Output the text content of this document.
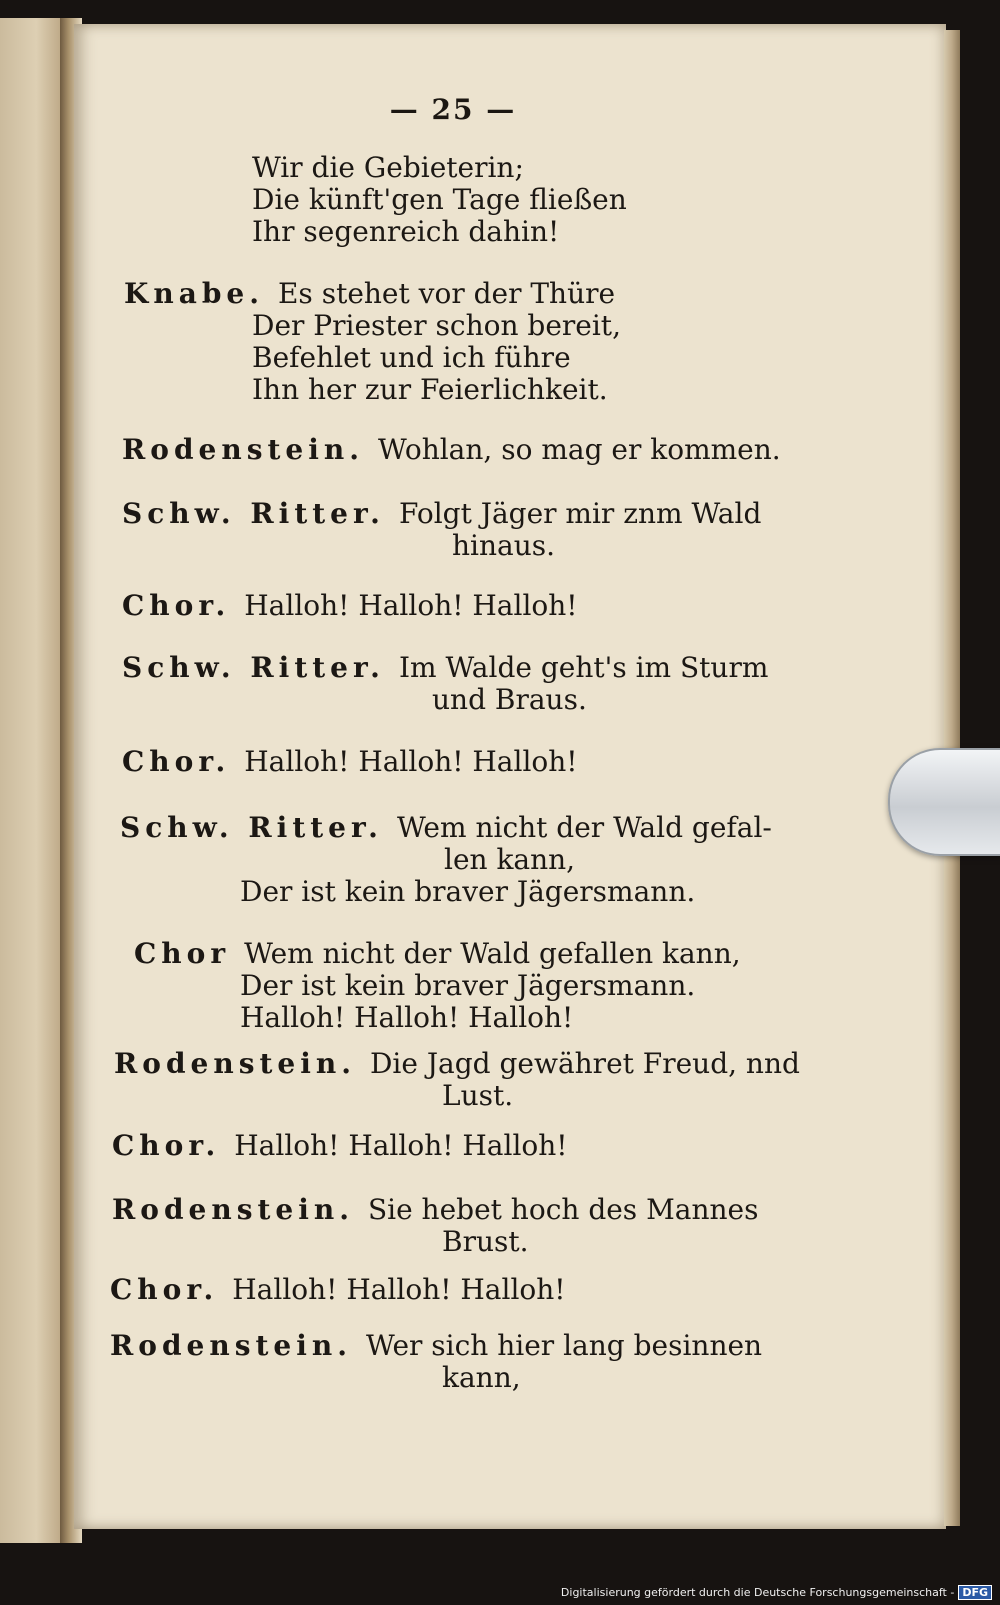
— 25 —
Wir die Gebieterin;
Die künft'gen Tage fließen
Ihr segenreich dahin!
Knabe. Es stehet vor der Thüre
Der Priester schon bereit,
Befehlet und ich führe
Ihn her zur Feierlichkeit.
Rodenstein. Wohlan, so mag er kommen.
Schw. Ritter. Folgt Jäger mir znm Wald
hinaus.
Chor. Halloh! Halloh! Halloh!
Schw. Ritter. Im Walde geht's im Sturm
und Braus.
Chor. Halloh! Halloh! Halloh!
Schw. Ritter. Wem nicht der Wald gefal-
len kann,
Der ist kein braver Jägersmann.
Chor Wem nicht der Wald gefallen kann,
Der ist kein braver Jägersmann.
Halloh! Halloh! Halloh!
Rodenstein. Die Jagd gewähret Freud, nnd
Lust.
Chor. Halloh! Halloh! Halloh!
Rodenstein. Sie hebet hoch des Mannes
Brust.
Chor. Halloh! Halloh! Halloh!
Rodenstein. Wer sich hier lang besinnen
kann,
Digitalisierung gefördert durch die Deutsche Forschungsgemeinschaft - DFG
